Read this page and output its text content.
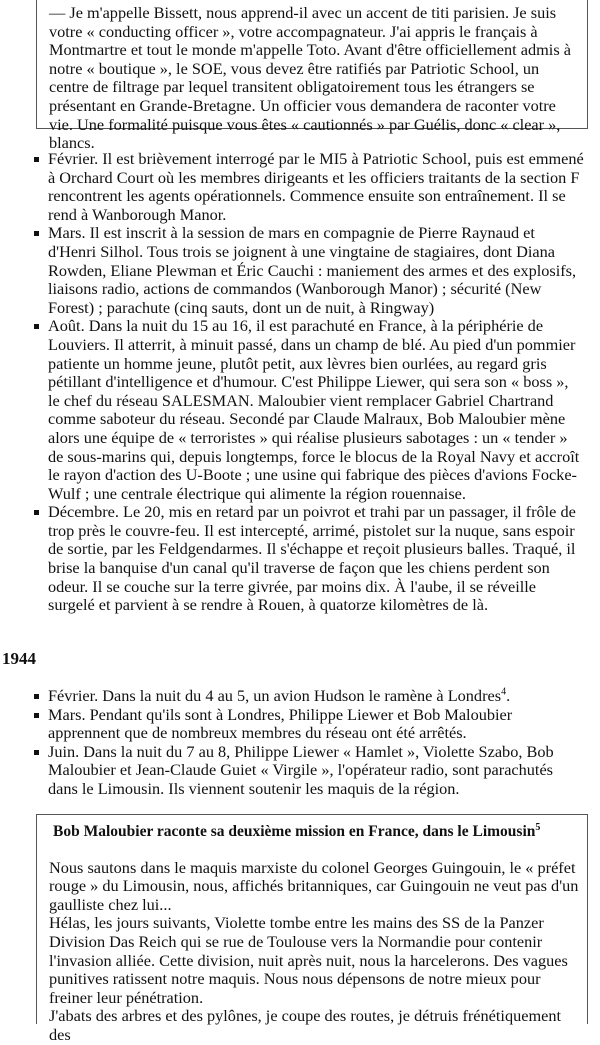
— Je m'appelle Bissett, nous apprend-il avec un accent de titi parisien. Je suis votre « conducting officer », votre accompagnateur. J'ai appris le français à Montmartre et tout le monde m'appelle Toto. Avant d'être officiellement admis à notre « boutique », le SOE, vous devez être ratifiés par Patriotic School, un centre de filtrage par lequel transitent obligatoirement tous les étrangers se présentant en Grande-Bretagne. Un officier vous demandera de raconter votre vie. Une formalité puisque vous êtes « cautionnés » par Guélis, donc « clear », blancs.

Février. Il est brièvement interrogé par le MI5 à Patriotic School, puis est emmené à Orchard Court où les membres dirigeants et les officiers traitants de la section F rencontrent les agents opérationnels. Commence ensuite son entraînement. Il se rend à Wanborough Manor.
Mars. Il est inscrit à la session de mars en compagnie de Pierre Raynaud et d'Henri Silhol. Tous trois se joignent à une vingtaine de stagiaires, dont Diana Rowden, Eliane Plewman et Éric Cauchi : maniement des armes et des explosifs, liaisons radio, actions de commandos (Wanborough Manor) ; sécurité (New Forest) ; parachute (cinq sauts, dont un de nuit, à Ringway)
Août. Dans la nuit du 15 au 16, il est parachuté en France, à la périphérie de Louviers. Il atterrit, à minuit passé, dans un champ de blé. Au pied d'un pommier patiente un homme jeune, plutôt petit, aux lèvres bien ourlées, au regard gris pétillant d'intelligence et d'humour. C'est Philippe Liewer, qui sera son « boss », le chef du réseau SALESMAN. Maloubier vient remplacer Gabriel Chartrand comme saboteur du réseau. Secondé par Claude Malraux, Bob Maloubier mène alors une équipe de « terroristes » qui réalise plusieurs sabotages : un « tender » de sous-marins qui, depuis longtemps, force le blocus de la Royal Navy et accroît le rayon d'action des U-Boote ; une usine qui fabrique des pièces d'avions Focke-Wulf ; une centrale électrique qui alimente la région rouennaise.
Décembre. Le 20, mis en retard par un poivrot et trahi par un passager, il frôle de trop près le couvre-feu. Il est intercepté, arrimé, pistolet sur la nuque, sans espoir de sortie, par les Feldgendarmes. Il s'échappe et reçoit plusieurs balles. Traqué, il brise la banquise d'un canal qu'il traverse de façon que les chiens perdent son odeur. Il se couche sur la terre givrée, par moins dix. À l'aube, il se réveille surgelé et parvient à se rendre à Rouen, à quatorze kilomètres de là.
1944
Février. Dans la nuit du 4 au 5, un avion Hudson le ramène à Londres$^4$.
Mars. Pendant qu'ils sont à Londres, Philippe Liewer et Bob Maloubier apprennent que de nombreux membres du réseau ont été arrêtés.
Juin. Dans la nuit du 7 au 8, Philippe Liewer « Hamlet », Violette Szabo, Bob Maloubier et Jean-Claude Guiet « Virgile », l'opérateur radio, sont parachutés dans le Limousin. Ils viennent soutenir les maquis de la région.
Bob Maloubier raconte sa deuxième mission en France, dans le Limousin$^5$

Nous sautons dans le maquis marxiste du colonel Georges Guingouin, le « préfet rouge » du Limousin, nous, affichés britanniques, car Guingouin ne veut pas d'un gaulliste chez lui...

Hélas, les jours suivants, Violette tombe entre les mains des SS de la Panzer Division Das Reich qui se rue de Toulouse vers la Normandie pour contenir l'invasion alliée. Cette division, nuit après nuit, nous la harcelerons. Des vagues punitives ratissent notre maquis. Nous nous dépensons de notre mieux pour freiner leur pénétration.

J'abats des arbres et des pylônes, je coupe des routes, je détruis frénétiquement des
